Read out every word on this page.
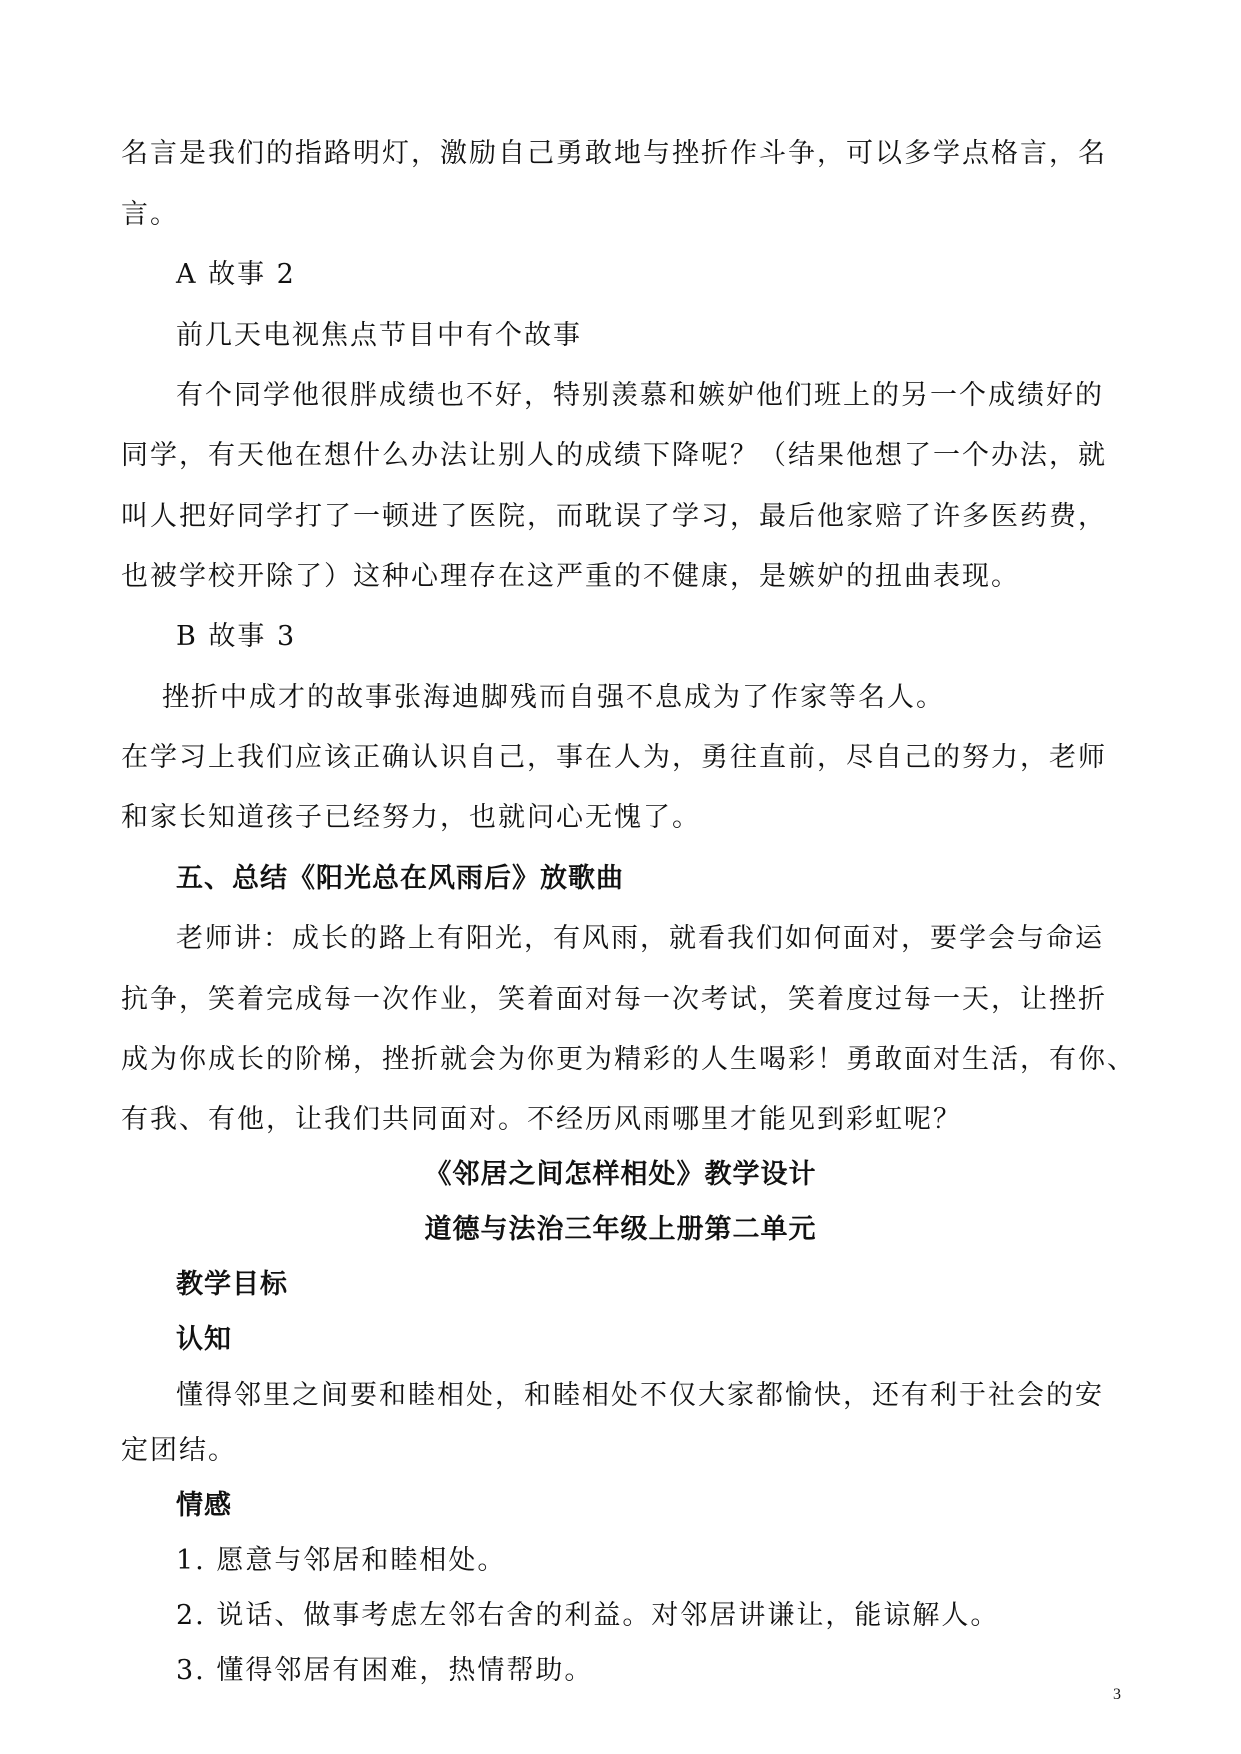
名言是我们的指路明灯，激励自己勇敢地与挫折作斗争，可以多学点格言，名
言。
A 故事 2
前几天电视焦点节目中有个故事
有个同学他很胖成绩也不好，特别羡慕和嫉妒他们班上的另一个成绩好的
同学，有天他在想什么办法让别人的成绩下降呢？（结果他想了一个办法，就
叫人把好同学打了一顿进了医院，而耽误了学习，最后他家赔了许多医药费，
也被学校开除了）这种心理存在这严重的不健康，是嫉妒的扭曲表现。
B 故事 3
挫折中成才的故事张海迪脚残而自强不息成为了作家等名人。
在学习上我们应该正确认识自己，事在人为，勇往直前，尽自己的努力，老师
和家长知道孩子已经努力，也就问心无愧了。
五、总结《阳光总在风雨后》放歌曲
老师讲：成长的路上有阳光，有风雨，就看我们如何面对，要学会与命运
抗争，笑着完成每一次作业，笑着面对每一次考试，笑着度过每一天，让挫折
成为你成长的阶梯，挫折就会为你更为精彩的人生喝彩！勇敢面对生活，有你、
有我、有他，让我们共同面对。不经历风雨哪里才能见到彩虹呢？
《邻居之间怎样相处》教学设计
道德与法治三年级上册第二单元
教学目标
认知
懂得邻里之间要和睦相处，和睦相处不仅大家都愉快，还有利于社会的安
定团结。
情感
1. 愿意与邻居和睦相处。
2. 说话、做事考虑左邻右舍的利益。对邻居讲谦让，能谅解人。
3. 懂得邻居有困难，热情帮助。
3
